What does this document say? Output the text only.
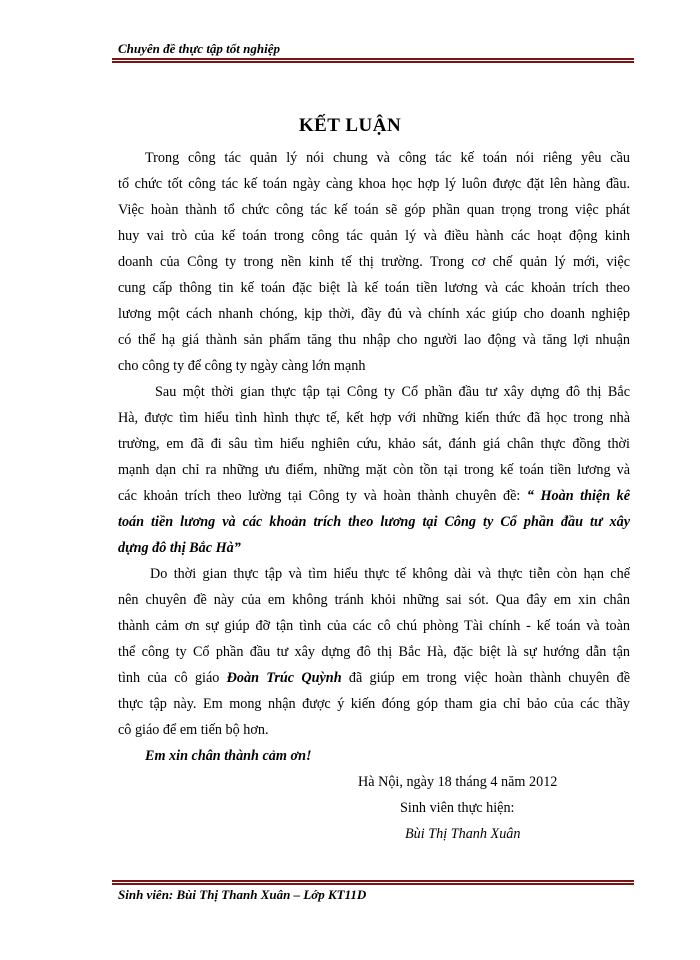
Chuyên đề thực tập tốt nghiệp
KẾT LUẬN
Trong công tác quản lý nói chung và công tác kế toán nói riêng yêu cầu
tổ chức tốt công tác kế toán ngày càng khoa học hợp lý luôn được đặt lên hàng đầu.
Việc hoàn thành tổ chức công tác kế toán sẽ góp phần quan trọng trong việc phát
huy vai trò của kế toán trong công tác quản lý và điều hành các hoạt động kinh
doanh của Công ty trong nền kinh tế thị trường. Trong cơ chế quản lý mới, việc
cung cấp thông tin kế toán đặc biệt là kế toán tiền lương và các khoản trích theo
lương một cách nhanh chóng, kịp thời, đầy đủ và chính xác giúp cho doanh nghiệp
có thể hạ giá thành sản phẩm tăng thu nhập cho người lao động và tăng lợi nhuận
cho công ty để công ty ngày càng lớn mạnh
Sau một thời gian thực tập tại Công ty Cổ phần đầu tư xây dựng đô thị Bắc
Hà, được tìm hiểu tình hình thực tế, kết hợp với những kiến thức đã học trong nhà
trường, em đã đi sâu tìm hiểu nghiên cứu, khảo sát, đánh giá chân thực đồng thời
mạnh dạn chỉ ra những ưu điểm, những mặt còn tồn tại trong kế toán tiền lương và
các khoản trích theo lường tại Công ty và hoàn thành chuyên đề: “ Hoàn thiện kế
toán tiền lương và các khoản trích theo lương tại Công ty Cổ phần đầu tư xây
dựng đô thị Bắc Hà”
Do thời gian thực tập và tìm hiểu thực tế không dài và thực tiễn còn hạn chế
nên chuyên đề này của em không tránh khỏi những sai sót. Qua đây em xin chân
thành cảm ơn sự giúp đỡ tận tình của các cô chú phòng Tài chính - kế toán và toàn
thể công ty Cổ phần đầu tư xây dựng đô thị Bắc Hà, đặc biệt là sự hướng dẫn tận
tình của cô giáo Đoàn Trúc Quỳnh đã giúp em trong việc hoàn thành chuyên đề
thực tập này. Em mong nhận được ý kiến đóng góp tham gia chỉ bảo của các thầy
cô giáo để em tiến bộ hơn.
Em xin chân thành cảm ơn!
Hà Nội, ngày 18 tháng 4 năm 2012
Sinh viên thực hiện:
Bùi Thị Thanh Xuân
Sinh viên: Bùi Thị Thanh Xuân – Lớp KT11D
